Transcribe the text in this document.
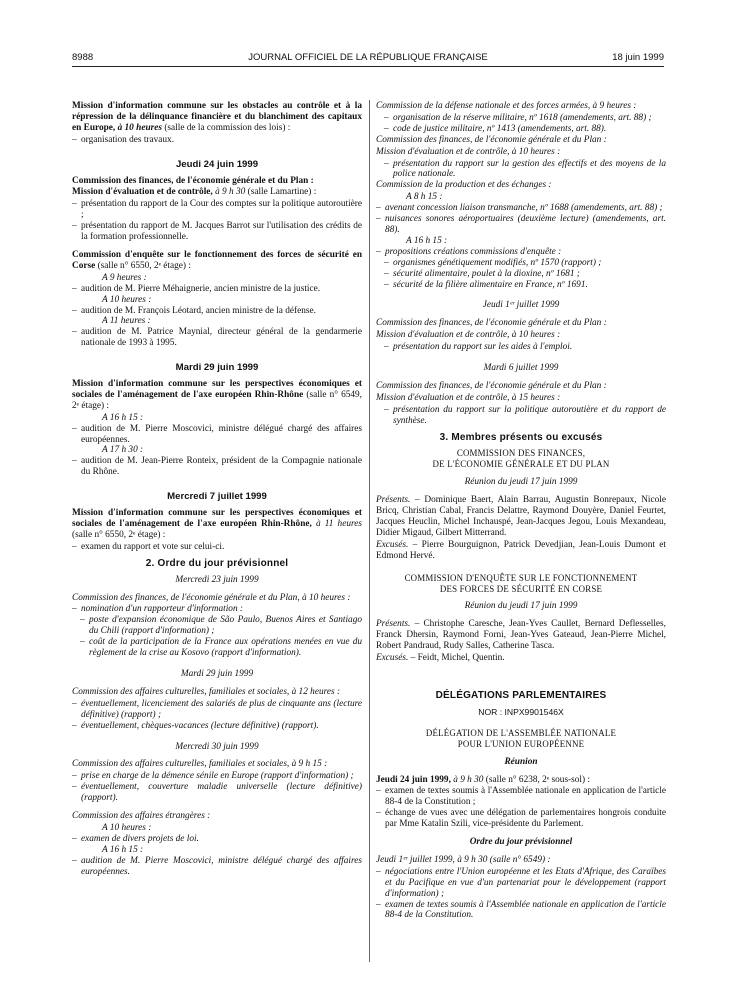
8988	JOURNAL OFFICIEL DE LA RÉPUBLIQUE FRANÇAISE	18 juin 1999

Mission d'information commune sur les obstacles au contrôle et à la répression de la délinquance financière et du blanchiment des capitaux en Europe, à 10 heures (salle de la commission des lois) :

– organisation des travaux.

Jeudi 24 juin 1999

Commission des finances, de l'économie générale et du Plan :

Mission d'évaluation et de contrôle, à 9 h 30 (salle Lamartine) :

– présentation du rapport de la Cour des comptes sur la politique autoroutière ;

– présentation du rapport de M. Jacques Barrot sur l'utilisation des crédits de la formation professionnelle.

Commission d'enquête sur le fonctionnement des forces de sécurité en Corse (salle n° 6550, 2ᵉ étage) :

A 9 heures :

– audition de M. Pierre Méhaignerie, ancien ministre de la justice.

A 10 heures :

– audition de M. François Léotard, ancien ministre de la défense.

A 11 heures :

– audition de M. Patrice Maynial, directeur général de la gendarmerie nationale de 1993 à 1995.

Mardi 29 juin 1999

Mission d'information commune sur les perspectives économiques et sociales de l'aménagement de l'axe européen Rhin-Rhône (salle n° 6549, 2ᵉ étage) :

A 16 h 15 :

– audition de M. Pierre Moscovici, ministre délégué chargé des affaires européennes.

A 17 h 30 :

– audition de M. Jean-Pierre Ronteix, président de la Compagnie nationale du Rhône.

Mercredi 7 juillet 1999

Mission d'information commune sur les perspectives économiques et sociales de l'aménagement de l'axe européen Rhin-Rhône, à 11 heures (salle n° 6550, 2ᵉ étage) :

– examen du rapport et vote sur celui-ci.

2. Ordre du jour prévisionnel
Mercredi 23 juin 1999

Commission des finances, de l'économie générale et du Plan, à 10 heures :

– nomination d'un rapporteur d'information :

– poste d'expansion économique de São Paulo, Buenos Aires et Santiago du Chili (rapport d'information) ;

– coût de la participation de la France aux opérations menées en vue du règlement de la crise au Kosovo (rapport d'information).

Mardi 29 juin 1999

Commission des affaires culturelles, familiales et sociales, à 12 heures :

– éventuellement, licenciement des salariés de plus de cinquante ans (lecture définitive) (rapport) ;

– éventuellement, chèques-vacances (lecture définitive) (rapport).

Mercredi 30 juin 1999

Commission des affaires culturelles, familiales et sociales, à 9 h 15 :

– prise en charge de la démence sénile en Europe (rapport d'information) ;

– éventuellement, couverture maladie universelle (lecture définitive) (rapport).

Commission des affaires étrangères :

A 10 heures :

– examen de divers projets de loi.

A 16 h 15 :

– audition de M. Pierre Moscovici, ministre délégué chargé des affaires européennes.

Commission de la défense nationale et des forces armées, à 9 heures :

– organisation de la réserve militaire, nº 1618 (amendements, art. 88) ;

– code de justice militaire, nº 1413 (amendements, art. 88).

Commission des finances, de l'économie générale et du Plan :

Mission d'évaluation et de contrôle, à 10 heures :

– présentation du rapport sur la gestion des effectifs et des moyens de la police nationale.

Commission de la production et des échanges :

A 8 h 15 :

– avenant concession liaison transmanche, nº 1688 (amendements, art. 88) ;

– nuisances sonores aéroportuaires (deuxième lecture) (amendements, art. 88).

A 16 h 15 :

– propositions créations commissions d'enquête :

– organismes génétiquement modifiés, nº 1570 (rapport) ;

– sécurité alimentaire, poulet à la dioxine, nº 1681 ;

– sécurité de la filière alimentaire en France, nº 1691.

Jeudi 1ᵉʳ juillet 1999

Commission des finances, de l'économie générale et du Plan :

Mission d'évaluation et de contrôle, à 10 heures :

– présentation du rapport sur les aides à l'emploi.

Mardi 6 juillet 1999

Commission des finances, de l'économie générale et du Plan :

Mission d'évaluation et de contrôle, à 15 heures :

– présentation du rapport sur la politique autoroutière et du rapport de synthèse.

3. Membres présents ou excusés
COMMISSION DES FINANCES,
DE L'ÉCONOMIE GÉNÉRALE ET DU PLAN
Réunion du jeudi 17 juin 1999

Présents. – Dominique Baert, Alain Barrau, Augustin Bonrepaux, Nicole Bricq, Christian Cabal, Francis Delattre, Raymond Douyère, Daniel Feurtet, Jacques Heuclin, Michel Inchauspé, Jean-Jacques Jegou, Louis Mexandeau, Didier Migaud, Gilbert Mitterrand.

Excusés. – Pierre Bourguignon, Patrick Devedjian, Jean-Louis Dumont et Edmond Hervé.

COMMISSION D'ENQUÊTE SUR LE FONCTIONNEMENT
DES FORCES DE SÉCURITÉ EN CORSE
Réunion du jeudi 17 juin 1999

Présents. – Christophe Caresche, Jean-Yves Caullet, Bernard Deflesselles, Franck Dhersin, Raymond Forni, Jean-Yves Gateaud, Jean-Pierre Michel, Robert Pandraud, Rudy Salles, Catherine Tasca.

Excusés. – Feidt, Michel, Quentin.

DÉLÉGATIONS PARLEMENTAIRES
NOR : INPX9901546X
DÉLÉGATION DE L'ASSEMBLÉE NATIONALE
POUR L'UNION EUROPÉENNE
Réunion

Jeudi 24 juin 1999, à 9 h 30 (salle n° 6238, 2ᵉ sous-sol) :

– examen de textes soumis à l'Assemblée nationale en application de l'article 88-4 de la Constitution ;

– échange de vues avec une délégation de parlementaires hongrois conduite par Mme Katalin Szili, vice-présidente du Parlement.

Ordre du jour prévisionnel

Jeudi 1ᵉʳ juillet 1999, à 9 h 30 (salle n° 6549) :

– négociations entre l'Union européenne et les Etats d'Afrique, des Caraïbes et du Pacifique en vue d'un partenariat pour le développement (rapport d'information) ;

– examen de textes soumis à l'Assemblée nationale en application de l'article 88-4 de la Constitution.
